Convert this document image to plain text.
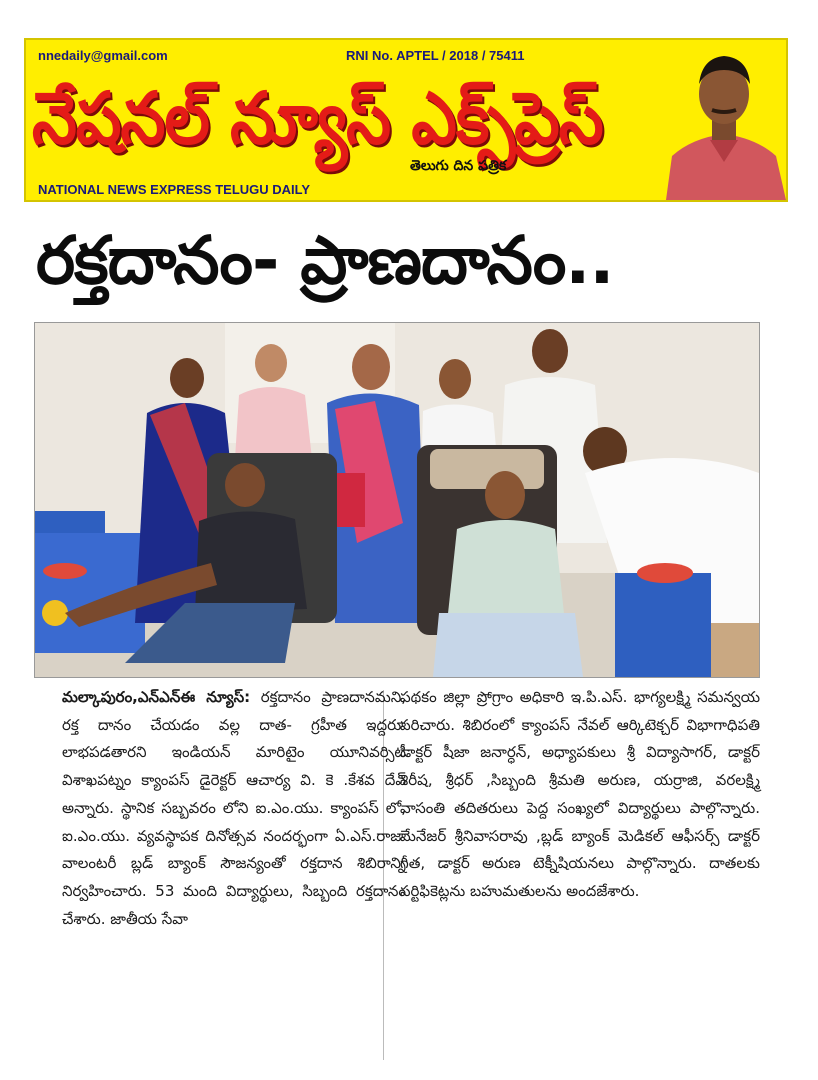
nnedaily@gmail.com	RNI No. APTEL / 2018 / 75411
నేషనల్ న్యూస్ ఎక్స్‌ప్రెస్
తెలుగు దిన పత్రిక
NATIONAL NEWS EXPRESS TELUGU DAILY
రక్తదానం- ప్రాణదానం..

మల్కాపురం,ఎన్ఎన్ఈ న్యూస్: రక్తదానం ప్రాణదానమని, రక్త దానం చేయడం వల్ల దాత- గ్రహీత ఇద్దరూ లాభపడతారని ఇండియన్ మారిటైం యూనివర్సిటీ విశాఖపట్నం క్యాంపస్ డైరెక్టర్ ఆచార్య వి. కె .కేశవ దేవ్ అన్నారు. స్థానిక సబ్బవరం లోని ఐ.ఎం.యు. క్యాంపస్ లో, ఐ.ఎం.యు. వ్యవస్థాపక దినోత్సవ నందర్భంగా ఏ.ఎస్.రాజా వాలంటరీ బ్లడ్ బ్యాంక్ సౌజన్యంతో రక్తదాన శిబిరాన్ని నిర్వహించారు. 53 మంది విద్యార్థులు, సిబ్బంది రక్తదానం చేశారు. జాతీయ సేవా

పథకం జిల్లా ప్రోగ్రాం అధికారి ఇ.పి.ఎస్. భాగ్యలక్ష్మి సమన్వయ పరిచారు. శిబిరంలో క్యాంపస్ నేవల్ ఆర్కిటెక్చర్ విభాగాధిపతి డాక్టర్ షీజా జనార్ధన్, అధ్యాపకులు శ్రీ విద్యాసాగర్, డాక్టర్ శిరీష, శ్రీధర్ ,సిబ్బంది శ్రీమతి అరుణ, యర్రాజి, వరలక్ష్మి వాసంతి తదితరులు పెద్ద సంఖ్యలో విద్యార్థులు పాల్గొన్నారు. మేనేజర్ శ్రీనివాసరావు ,బ్లడ్ బ్యాంక్ మెడికల్ ఆఫీసర్స్ డాక్టర్ గీత, డాక్టర్ అరుణ టెక్నీషియనలు పాల్గొన్నారు. దాతలకు సర్టిఫికెట్లను బహుమతులను అందజేశారు.
